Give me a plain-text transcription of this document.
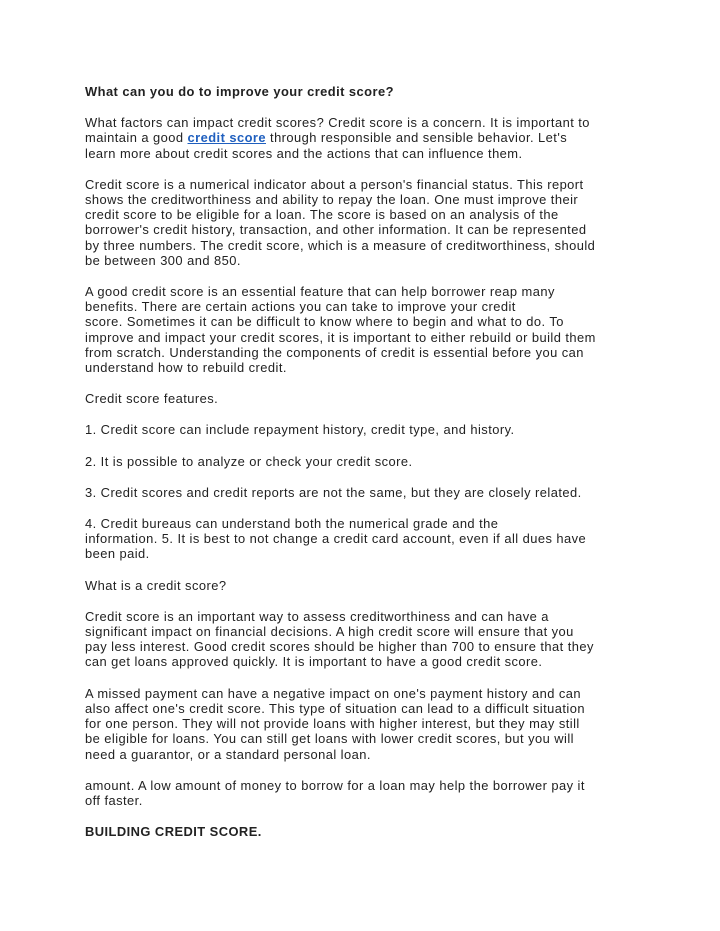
What can you do to improve your credit score?

What factors can impact credit scores? Credit score is a concern. It is important to

maintain a good credit score through responsible and sensible behavior. Let's

learn more about credit scores and the actions that can influence them.

Credit score is a numerical indicator about a person's financial status. This report

shows the creditworthiness and ability to repay the loan. One must improve their

credit score to be eligible for a loan. The score is based on an analysis of the

borrower's credit history, transaction, and other information. It can be represented

by three numbers. The credit score, which is a measure of creditworthiness, should

be between 300 and 850.

A good credit score is an essential feature that can help borrower reap many

benefits. There are certain actions you can take to improve your credit

score. Sometimes it can be difficult to know where to begin and what to do. To

improve and impact your credit scores, it is important to either rebuild or build them

from scratch. Understanding the components of credit is essential before you can

understand how to rebuild credit.

Credit score features.

1. Credit score can include repayment history, credit type, and history.

2. It is possible to analyze or check your credit score.

3. Credit scores and credit reports are not the same, but they are closely related.

4. Credit bureaus can understand both the numerical grade and the

information. 5. It is best to not change a credit card account, even if all dues have

been paid.

What is a credit score?

Credit score is an important way to assess creditworthiness and can have a

significant impact on financial decisions. A high credit score will ensure that you

pay less interest. Good credit scores should be higher than 700 to ensure that they

can get loans approved quickly. It is important to have a good credit score.

A missed payment can have a negative impact on one's payment history and can

also affect one's credit score. This type of situation can lead to a difficult situation

for one person. They will not provide loans with higher interest, but they may still

be eligible for loans. You can still get loans with lower credit scores, but you will

need a guarantor, or a standard personal loan.

amount. A low amount of money to borrow for a loan may help the borrower pay it

off faster.

BUILDING CREDIT SCORE.
